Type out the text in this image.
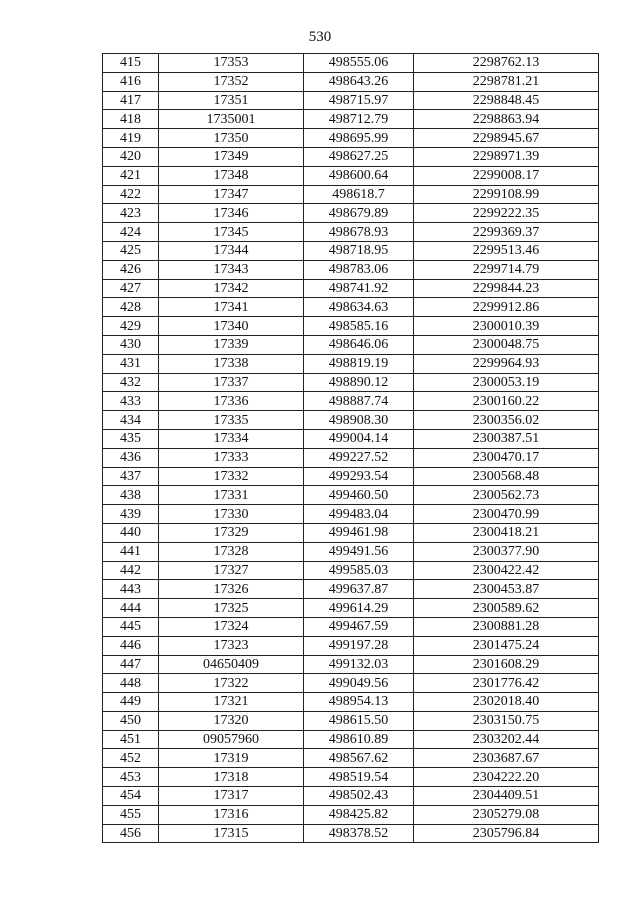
530
415	17353	498555.06	2298762.13
416	17352	498643.26	2298781.21
417	17351	498715.97	2298848.45
418	1735001	498712.79	2298863.94
419	17350	498695.99	2298945.67
420	17349	498627.25	2298971.39
421	17348	498600.64	2299008.17
422	17347	498618.7	2299108.99
423	17346	498679.89	2299222.35
424	17345	498678.93	2299369.37
425	17344	498718.95	2299513.46
426	17343	498783.06	2299714.79
427	17342	498741.92	2299844.23
428	17341	498634.63	2299912.86
429	17340	498585.16	2300010.39
430	17339	498646.06	2300048.75
431	17338	498819.19	2299964.93
432	17337	498890.12	2300053.19
433	17336	498887.74	2300160.22
434	17335	498908.30	2300356.02
435	17334	499004.14	2300387.51
436	17333	499227.52	2300470.17
437	17332	499293.54	2300568.48
438	17331	499460.50	2300562.73
439	17330	499483.04	2300470.99
440	17329	499461.98	2300418.21
441	17328	499491.56	2300377.90
442	17327	499585.03	2300422.42
443	17326	499637.87	2300453.87
444	17325	499614.29	2300589.62
445	17324	499467.59	2300881.28
446	17323	499197.28	2301475.24
447	04650409	499132.03	2301608.29
448	17322	499049.56	2301776.42
449	17321	498954.13	2302018.40
450	17320	498615.50	2303150.75
451	09057960	498610.89	2303202.44
452	17319	498567.62	2303687.67
453	17318	498519.54	2304222.20
454	17317	498502.43	2304409.51
455	17316	498425.82	2305279.08
456	17315	498378.52	2305796.84
